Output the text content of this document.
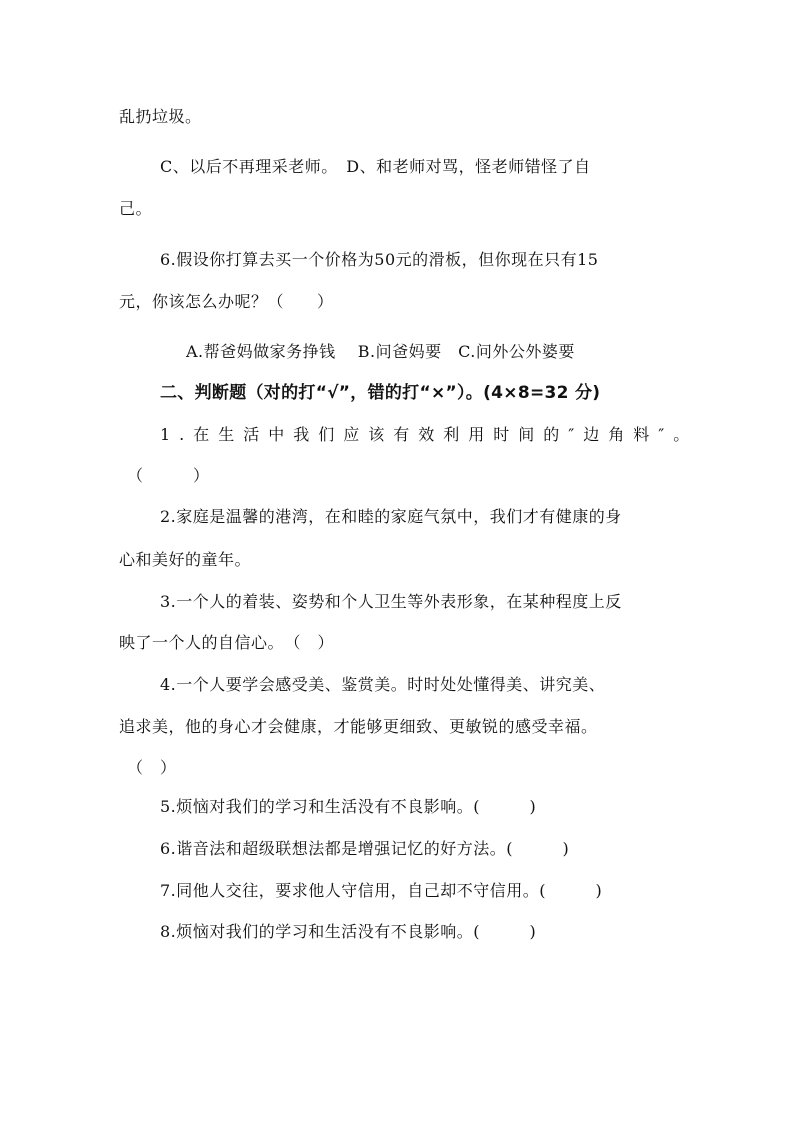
乱扔垃圾。
C、以后不再理采老师。　D、和老师对骂，怪老师错怪了自
己。
6.假设你打算去买一个价格为50元的滑板，但你现在只有15
元，你该怎么办呢？（　　）
A.帮爸妈做家务挣钱　 B.问爸妈要　C.问外公外婆要
二、判断题（对的打“√”，错的打“×”）。(4×8=32 分)
1.在生活中我们应该有效利用时间的″边角料″。
（　　　）
2.家庭是温馨的港湾，在和睦的家庭气氛中，我们才有健康的身
心和美好的童年。
3.一个人的着装、姿势和个人卫生等外表形象，在某种程度上反
映了一个人的自信心。　（　）
4.一个人要学会感受美、鉴赏美。时时处处懂得美、讲究美、
追求美，他的身心才会健康，才能够更细致、更敏锐的感受幸福。
（　）
5.烦恼对我们的学习和生活没有不良影响。(　　　)
6.谐音法和超级联想法都是增强记忆的好方法。(　　　)
7.同他人交往，要求他人守信用，自己却不守信用。(　　　)
8.烦恼对我们的学习和生活没有不良影响。(　　　)
